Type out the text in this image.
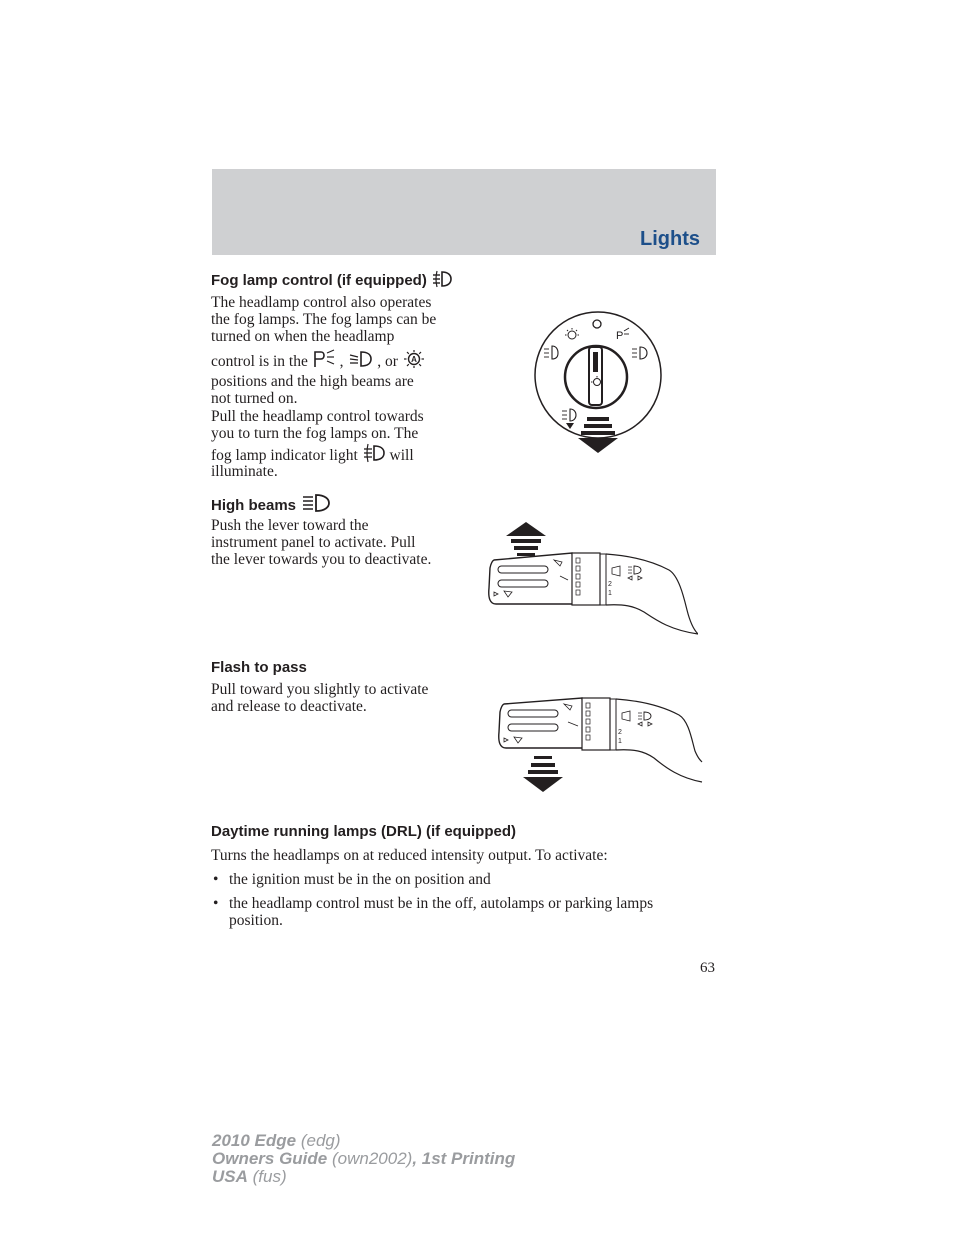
Lights
Fog lamp control (if equipped)
The headlamp control also operates
the fog lamps. The fog lamps can be
turned on when the headlamp
control is in the , , or A
positions and the high beams are
not turned on.
Pull the headlamp control towards
you to turn the fog lamps on. The
fog lamp indicator light will
illuminate.
P
High beams
Push the lever toward the
instrument panel to activate. Pull
the lever towards you to deactivate.
2
1
Flash to pass
Pull toward you slightly to activate
and release to deactivate.
2
1
Daytime running lamps (DRL) (if equipped)
Turns the headlamps on at reduced intensity output. To activate:
• the ignition must be in the on position and
• the headlamp control must be in the off, autolamps or parking lamps
position.
63
2010 Edge (edg)
Owners Guide (own2002), 1st Printing
USA (fus)
